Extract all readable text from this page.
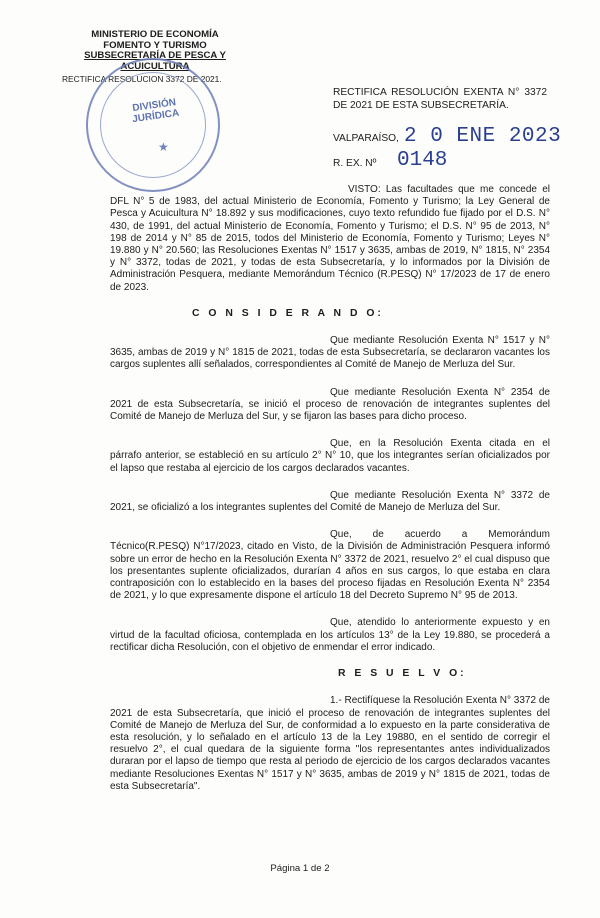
MINISTERIO DE ECONOMÍA
FOMENTO Y TURISMO
SUBSECRETARÍA DE PESCA Y
ACUICULTURA
RECTIFICA RESOLUCION 3372 DE 2021.
DIVISIÓN JURÍDICA
★
RECTIFICA RESOLUCIÓN EXENTA N° 3372 DE 2021 DE ESTA SUBSECRETARÍA.
VALPARAÍSO, 2 0 ENE 2023
R. EX. Nº 0148

VISTO: Las facultades que me concede el DFL N° 5 de 1983, del actual Ministerio de Economía, Fomento y Turismo; la Ley General de Pesca y Acuicultura N° 18.892 y sus modificaciones, cuyo texto refundido fue fijado por el D.S. N° 430, de 1991, del actual Ministerio de Economía, Fomento y Turismo; el D.S. N° 95 de 2013, N° 198 de 2014 y N° 85 de 2015, todos del Ministerio de Economía, Fomento y Turismo; Leyes N° 19.880 y N° 20.560; las Resoluciones Exentas N° 1517 y 3635, ambas de 2019, N° 1815, N° 2354 y N° 3372, todas de 2021, y todas de esta Subsecretaría, y lo informados por la División de Administración Pesquera, mediante Memorándum Técnico (R.PESQ) N° 17/2023 de 17 de enero de 2023.

C O N S I D E R A N D O:

Que mediante Resolución Exenta N° 1517 y N° 3635, ambas de 2019 y N° 1815 de 2021, todas de esta Subsecretaría, se declararon vacantes los cargos suplentes allí señalados, correspondientes al Comité de Manejo de Merluza del Sur.

Que mediante Resolución Exenta N° 2354 de 2021 de esta Subsecretaría, se inició el proceso de renovación de integrantes suplentes del Comité de Manejo de Merluza del Sur, y se fijaron las bases para dicho proceso.

Que, en la Resolución Exenta citada en el párrafo anterior, se estableció en su artículo 2° N° 10, que los integrantes serían oficializados por el lapso que restaba al ejercicio de los cargos declarados vacantes.

Que mediante Resolución Exenta N° 3372 de 2021, se oficializó a los integrantes suplentes del Comité de Manejo de Merluza del Sur.

Que, de acuerdo a Memorándum Técnico(R.PESQ) N°17/2023, citado en Visto, de la División de Administración Pesquera informó sobre un error de hecho en la Resolución Exenta N° 3372 de 2021, resuelvo 2° el cual dispuso que los presentantes suplente oficializados, durarían 4 años en sus cargos, lo que estaba en clara contraposición con lo establecido en la bases del proceso fijadas en Resolución Exenta N° 2354 de 2021, y lo que expresamente dispone el artículo 18 del Decreto Supremo N° 95 de 2013.

Que, atendido lo anteriormente expuesto y en virtud de la facultad oficiosa, contemplada en los artículos 13° de la Ley 19.880, se procederá a rectificar dicha Resolución, con el objetivo de enmendar el error indicado.

R E S U E L V O:

1.- Rectifíquese la Resolución Exenta N° 3372 de 2021 de esta Subsecretaría, que inició el proceso de renovación de integrantes suplentes del Comité de Manejo de Merluza del Sur, de conformidad a lo expuesto en la parte considerativa de esta resolución, y lo señalado en el artículo 13 de la Ley 19880, en el sentido de corregir el resuelvo 2°, el cual quedara de la siguiente forma "los representantes antes individualizados duraran por el lapso de tiempo que resta al periodo de ejercicio de los cargos declarados vacantes mediante Resoluciones Exentas N° 1517 y N° 3635, ambas de 2019 y N° 1815 de 2021, todas de esta Subsecretaría".

Página 1 de 2
